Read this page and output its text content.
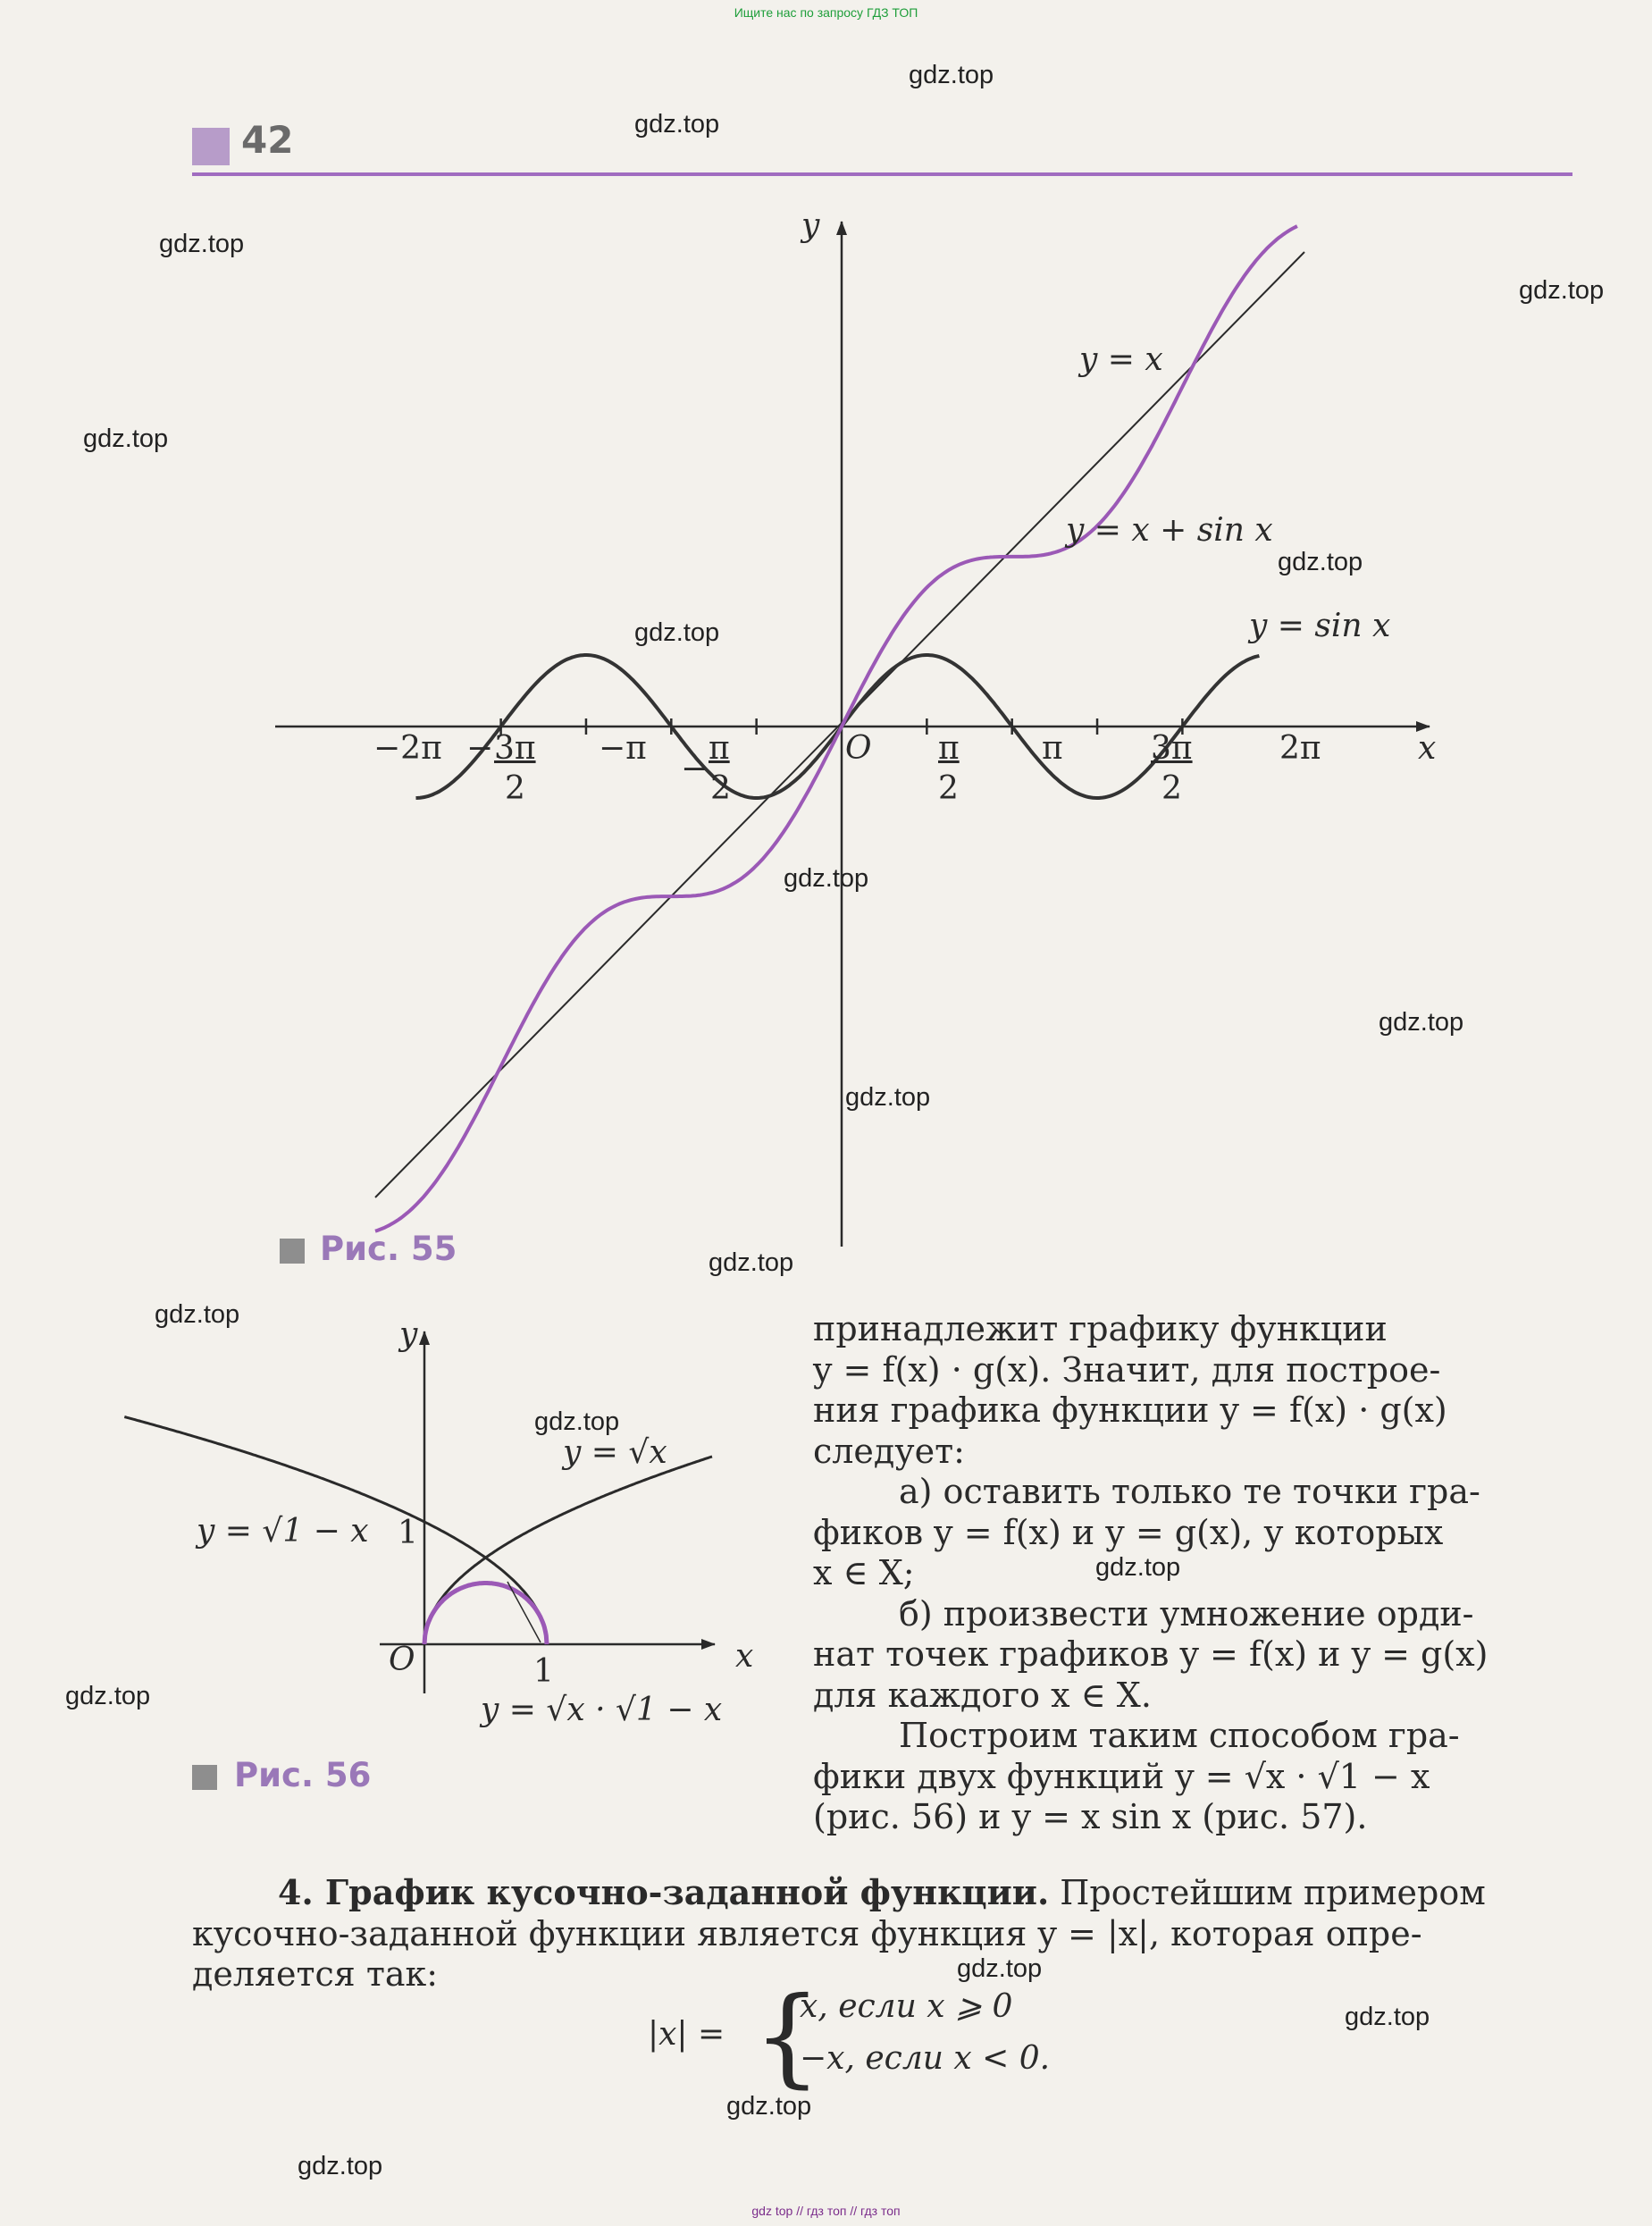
Ищите нас по запросу ГДЗ ТОП
gdz top // гдз топ // гдз топ
42
gdz.top
gdz.top
gdz.top
gdz.top
gdz.top
gdz.top
gdz.top
gdz.top
gdz.top
gdz.top
gdz.top
gdz.top
gdz.top
gdz.top
gdz.top
gdz.top
gdz.top
gdz.top
gdz.top
y
x
O
y = x
y = x + sin x
y = sin x
−2π − 3π
2
−π
−
π
2
π
2
π	3π
2
2π
Рис. 55
y
x
O	1
1
y = √x
y = √1 − x
y = √x · √1 − x
Рис. 56

принадлежит графику функции

y = f(x) · g(x). Значит, для построе-

ния графика функции y = f(x) · g(x)

следует:

а) оставить только те точки гра-

фиков y = f(x) и y = g(x), у которых

x ∈ X;

б) произвести умножение орди-

нат точек графиков y = f(x) и y = g(x)

для каждого x ∈ X.

Построим таким способом гра-

фики двух функций y = √x · √1 − x

(рис. 56) и y = x sin x (рис. 57).

4. График кусочно-заданной функции. Простейшим примером

кусочно-заданной функции является функция y = |x|, которая опре-

деляется так:

|x| = {
x, если x ⩾ 0
−x, если x < 0.
